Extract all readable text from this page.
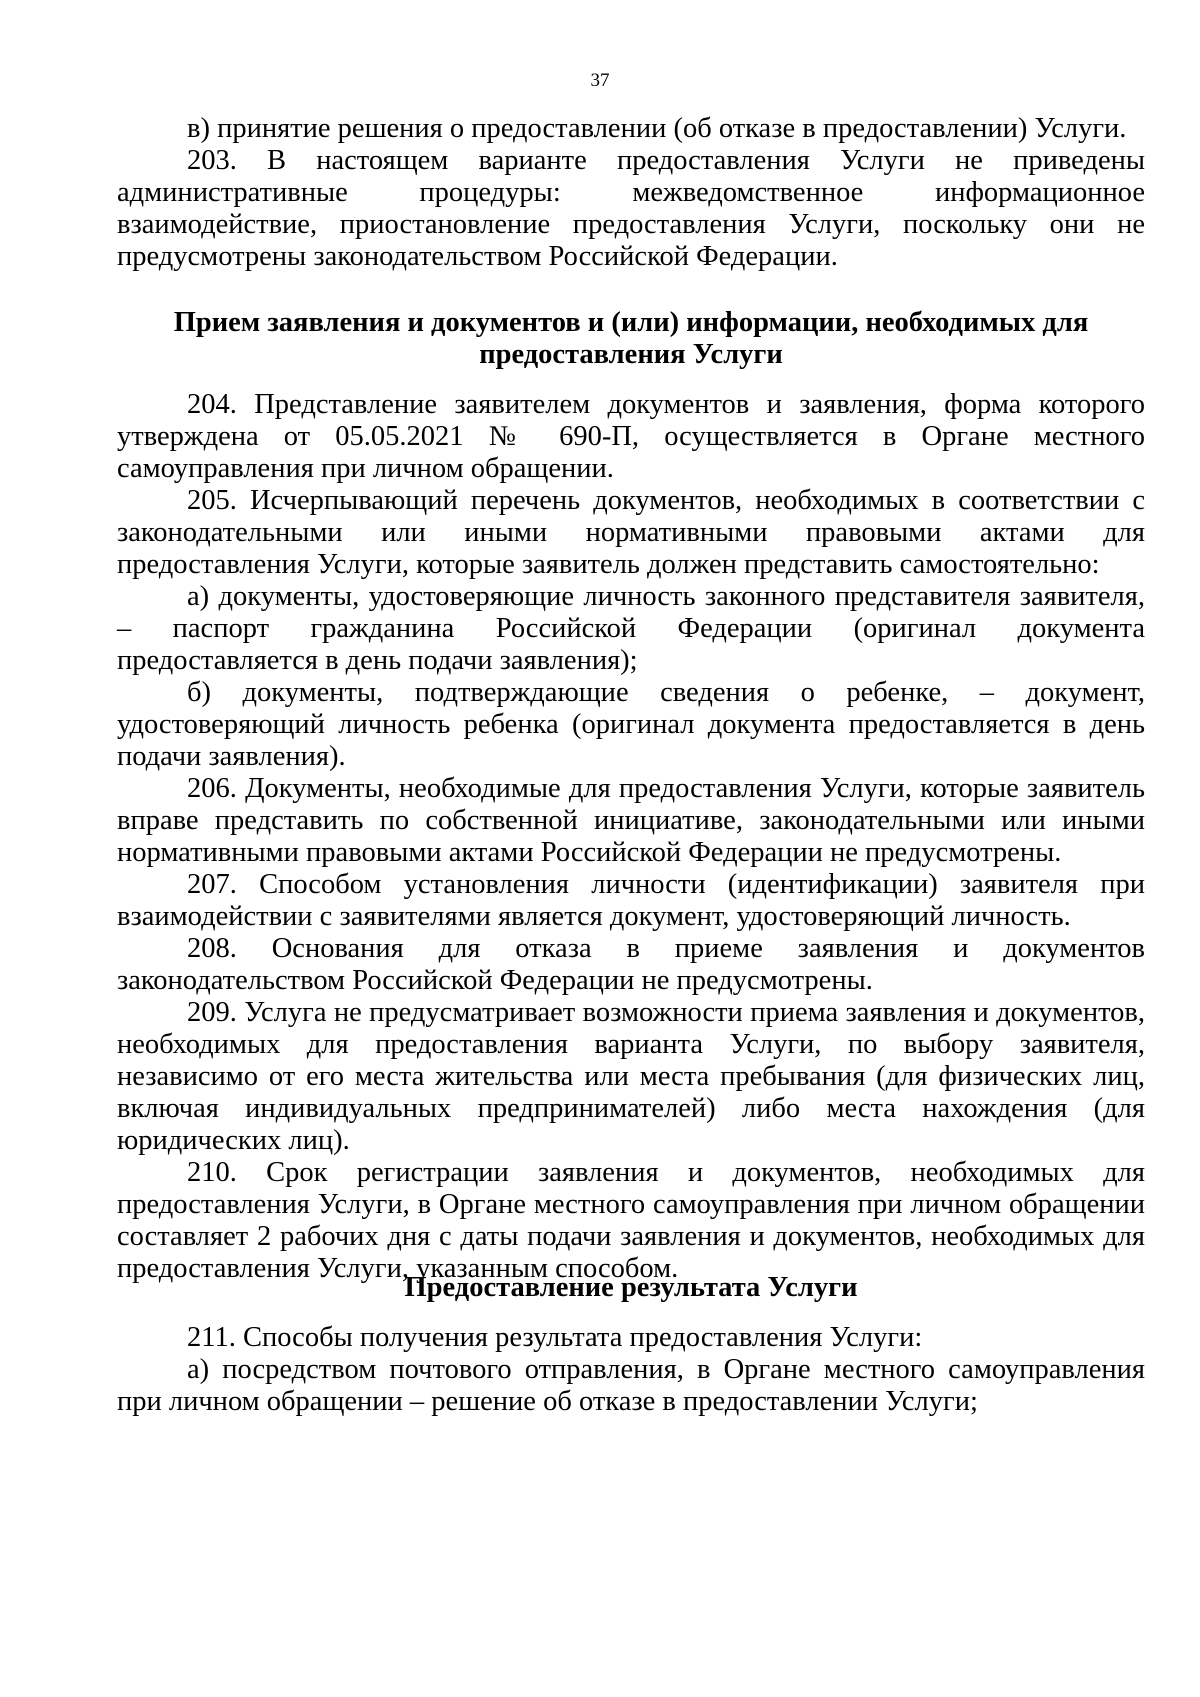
37

в) принятие решения о предоставлении (об отказе в предоставлении) Услуги.

203. В настоящем варианте предоставления Услуги не приведены административные процедуры: межведомственное информационное взаимодействие, приостановление предоставления Услуги, поскольку они не предусмотрены законодательством Российской Федерации.

Прием заявления и документов и (или) информации, необходимых для предоставления Услуги

204. Представление заявителем документов и заявления, форма которого утверждена от 05.05.2021 № 690-П, осуществляется в Органе местного самоуправления при личном обращении.

205. Исчерпывающий перечень документов, необходимых в соответствии с законодательными или иными нормативными правовыми актами для предоставления Услуги, которые заявитель должен представить самостоятельно:

а) документы, удостоверяющие личность законного представителя заявителя, – паспорт гражданина Российской Федерации (оригинал документа предоставляется в день подачи заявления);

б) документы, подтверждающие сведения о ребенке, – документ, удостоверяющий личность ребенка (оригинал документа предоставляется в день подачи заявления).

206. Документы, необходимые для предоставления Услуги, которые заявитель вправе представить по собственной инициативе, законодательными или иными нормативными правовыми актами Российской Федерации не предусмотрены.

207. Способом установления личности (идентификации) заявителя при взаимодействии с заявителями является документ, удостоверяющий личность.

208. Основания для отказа в приеме заявления и документов законодательством Российской Федерации не предусмотрены.

209. Услуга не предусматривает возможности приема заявления и документов, необходимых для предоставления варианта Услуги, по выбору заявителя, независимо от его места жительства или места пребывания (для физических лиц, включая индивидуальных предпринимателей) либо места нахождения (для юридических лиц).

210. Срок регистрации заявления и документов, необходимых для предоставления Услуги, в Органе местного самоуправления при личном обращении составляет 2 рабочих дня с даты подачи заявления и документов, необходимых для предоставления Услуги, указанным способом.

Предоставление результата Услуги

211. Способы получения результата предоставления Услуги:

а) посредством почтового отправления, в Органе местного самоуправления при личном обращении – решение об отказе в предоставлении Услуги;
